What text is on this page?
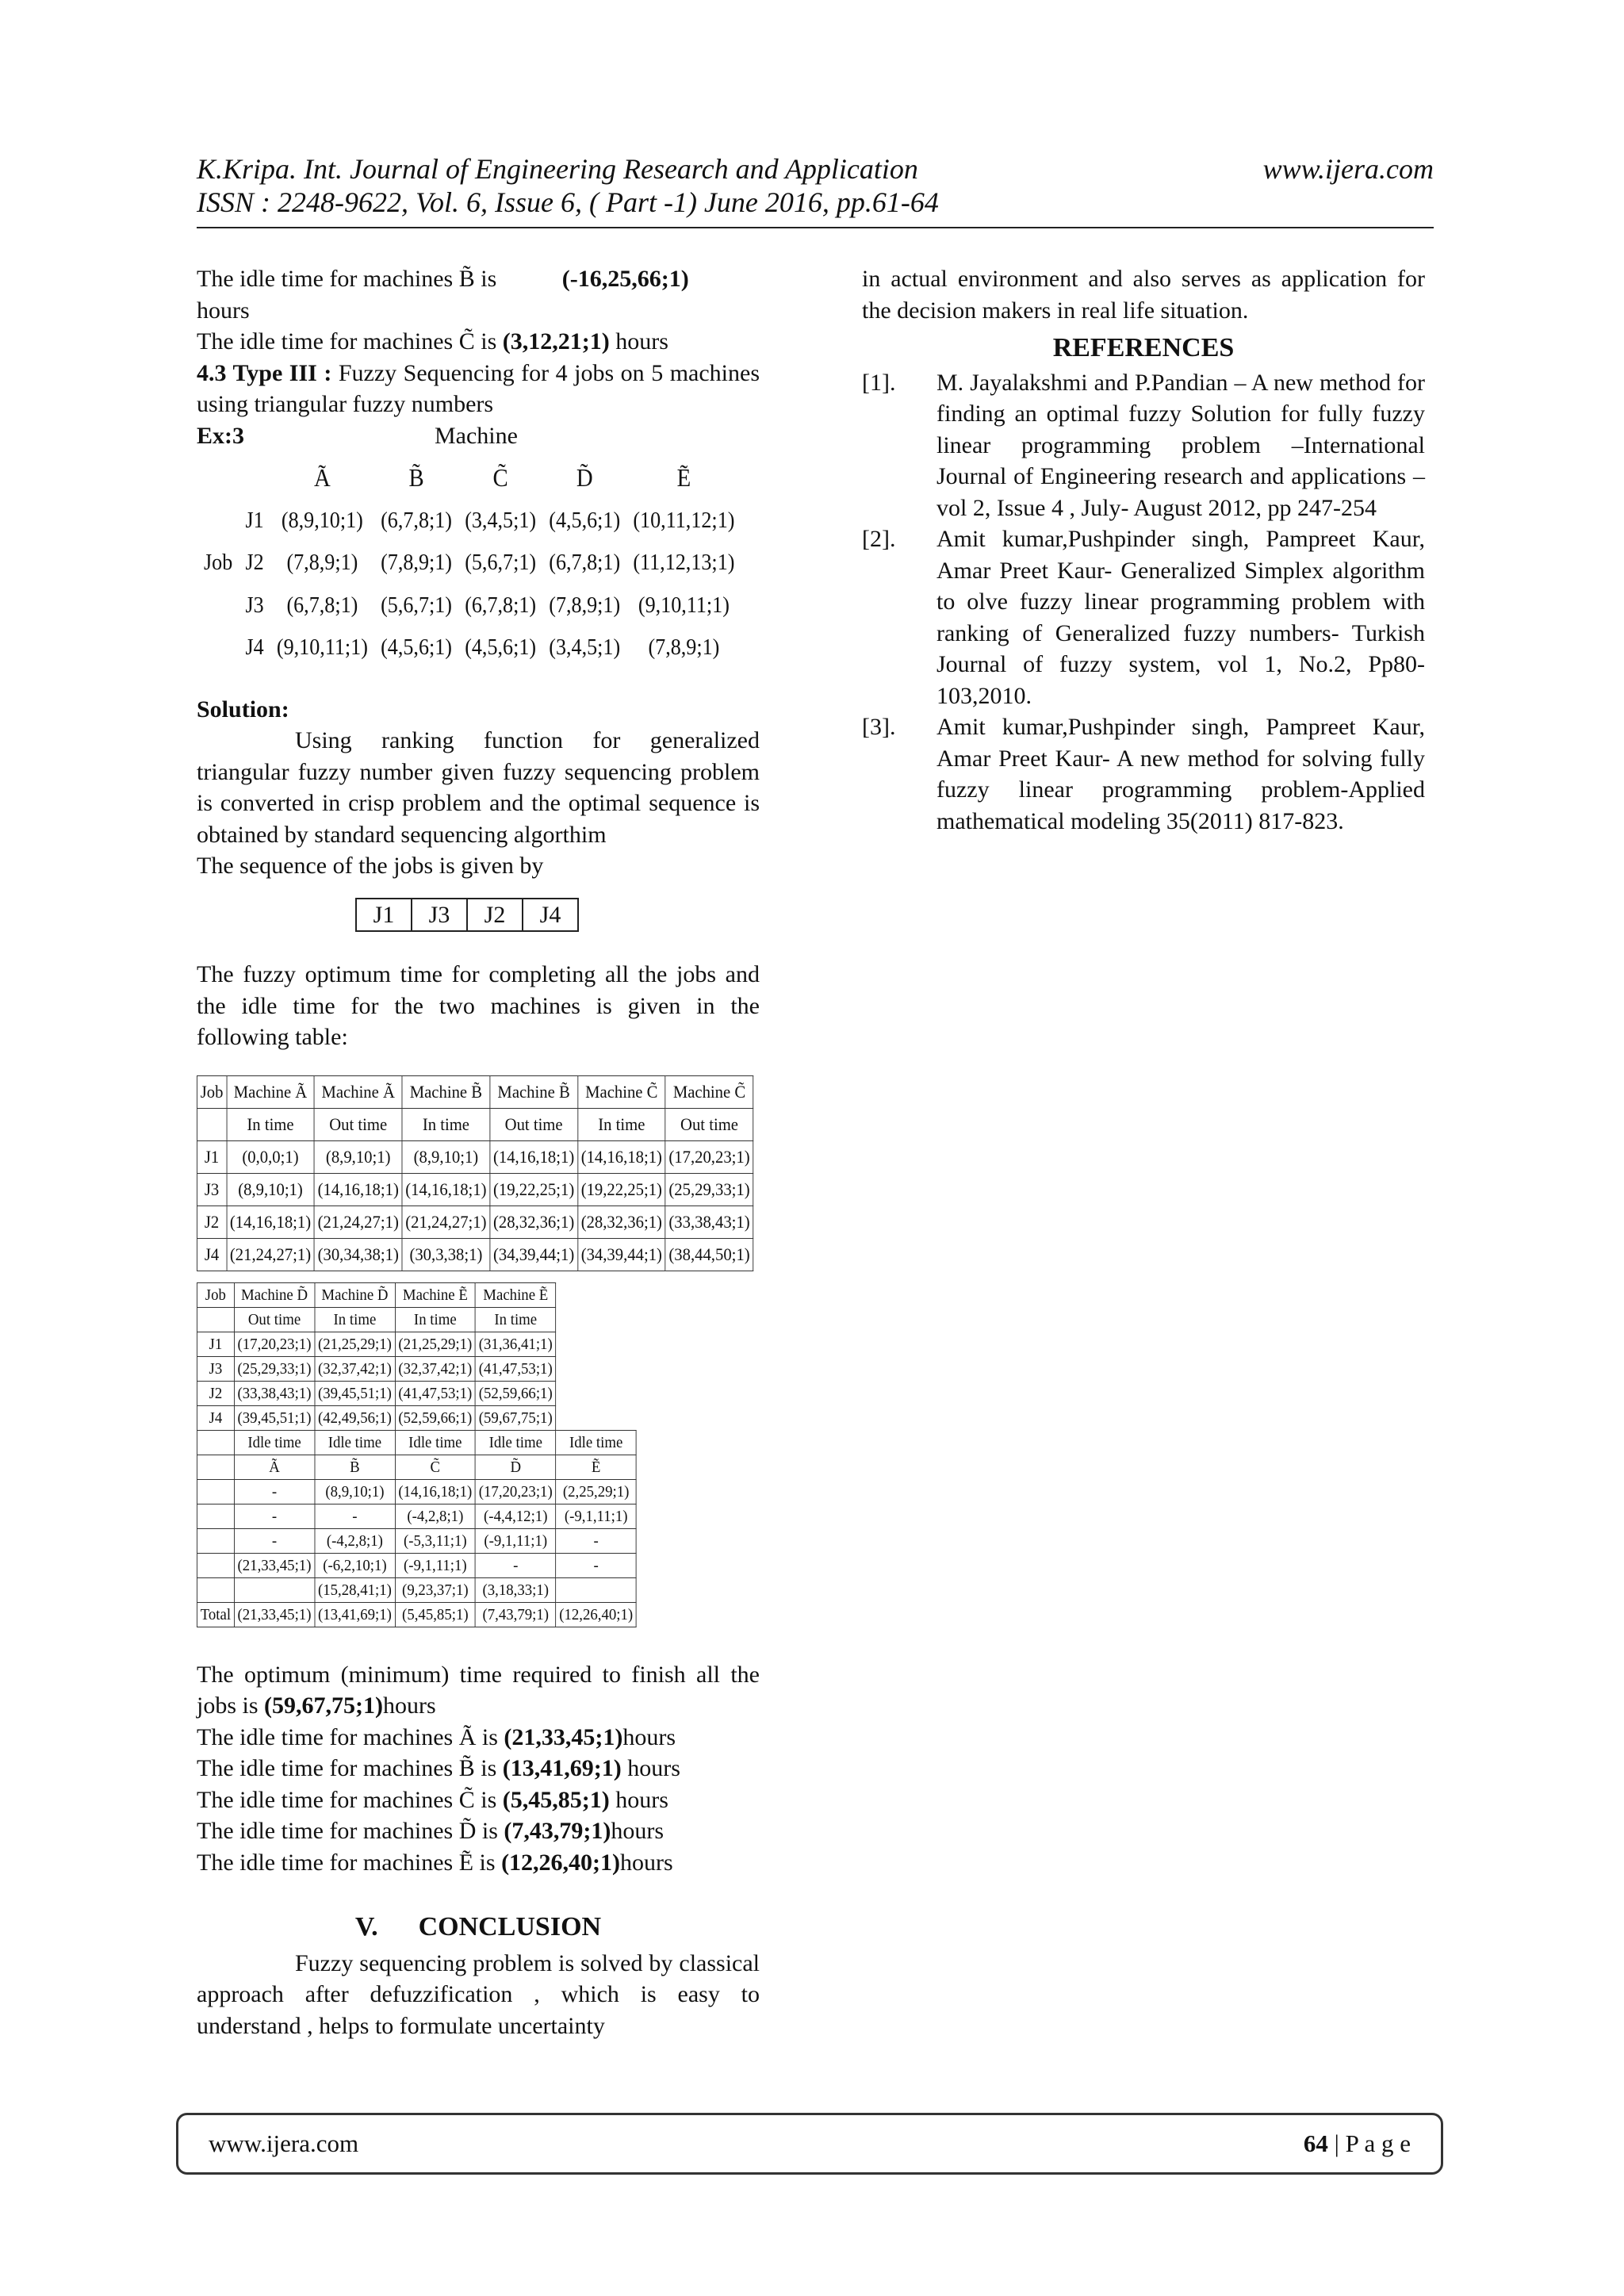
K.Kripa. Int. Journal of Engineering Research and Application	www.ijera.com
ISSN : 2248-9622, Vol. 6, Issue 6, ( Part -1) June 2016, pp.61-64

The idle time for machines B̃ is	(-16,25,66;1)
hours

The idle time for machines C̃ is (3,12,21;1) hours

4.3 Type III : Fuzzy Sequencing for 4 jobs on 5 machines using triangular fuzzy numbers

Ex:3	Machine
		Ã	B̃	C̃	D̃	Ẽ
	J1	(8,9,10;1)	(6,7,8;1)	(3,4,5;1)	(4,5,6;1)	(10,11,12;1)
Job	J2	(7,8,9;1)	(7,8,9;1)	(5,6,7;1)	(6,7,8;1)	(11,12,13;1)
	J3	(6,7,8;1)	(5,6,7;1)	(6,7,8;1)	(7,8,9;1)	(9,10,11;1)
	J4	(9,10,11;1)	(4,5,6;1)	(4,5,6;1)	(3,4,5;1)	(7,8,9;1)

Solution:

Using ranking function for generalized triangular fuzzy number given fuzzy sequencing problem is converted in crisp problem and the optimal sequence is obtained by standard sequencing algorthim

The sequence of the jobs is given by

J1	J3	J2	J4

The fuzzy optimum time for completing all the jobs and the idle time for the two machines is given in the following table:

Job	Machine Ã	Machine Ã	Machine B̃	Machine B̃	Machine C̃	Machine C̃
	In time	Out time	In time	Out time	In time	Out time
J1	(0,0,0;1)	(8,9,10;1)	(8,9,10;1)	(14,16,18;1)	(14,16,18;1)	(17,20,23;1)
J3	(8,9,10;1)	(14,16,18;1)	(14,16,18;1)	(19,22,25;1)	(19,22,25;1)	(25,29,33;1)
J2	(14,16,18;1)	(21,24,27;1)	(21,24,27;1)	(28,32,36;1)	(28,32,36;1)	(33,38,43;1)
J4	(21,24,27;1)	(30,34,38;1)	(30,3,38;1)	(34,39,44;1)	(34,39,44;1)	(38,44,50;1)
Job	Machine D̃	Machine D̃	Machine Ẽ	Machine Ẽ	
	Out time	In time	In time	In time	
J1	(17,20,23;1)	(21,25,29;1)	(21,25,29;1)	(31,36,41;1)	
J3	(25,29,33;1)	(32,37,42;1)	(32,37,42;1)	(41,47,53;1)	
J2	(33,38,43;1)	(39,45,51;1)	(41,47,53;1)	(52,59,66;1)	
J4	(39,45,51;1)	(42,49,56;1)	(52,59,66;1)	(59,67,75;1)	
	Idle time	Idle time	Idle time	Idle time	Idle time
	Ã	B̃	C̃	D̃	Ẽ
	-	(8,9,10;1)	(14,16,18;1)	(17,20,23;1)	(2,25,29;1)
	-	-	(-4,2,8;1)	(-4,4,12;1)	(-9,1,11;1)
	-	(-4,2,8;1)	(-5,3,11;1)	(-9,1,11;1)	-
	(21,33,45;1)	(-6,2,10;1)	(-9,1,11;1)	-	-
		(15,28,41;1)	(9,23,37;1)	(3,18,33;1)	
Total	(21,33,45;1)	(13,41,69;1)	(5,45,85;1)	(7,43,79;1)	(12,26,40;1)

The optimum (minimum) time required to finish all the jobs is (59,67,75;1)hours

The idle time for machines Ã is (21,33,45;1)hours

The idle time for machines B̃ is (13,41,69;1) hours

The idle time for machines C̃ is (5,45,85;1) hours

The idle time for machines D̃ is (7,43,79;1)hours

The idle time for machines Ẽ is (12,26,40;1)hours

V.      CONCLUSION

Fuzzy sequencing problem is solved by classical approach after defuzzification , which is easy to understand , helps to formulate uncertainty

in actual environment and also serves as application for the decision makers in real life situation.

REFERENCES
[1].	M. Jayalakshmi and P.Pandian – A new method for finding an optimal fuzzy Solution for fully fuzzy linear programming problem –International Journal of Engineering research and applications – vol 2, Issue 4 , July- August 2012, pp 247-254
[2].	Amit kumar,Pushpinder singh, Pampreet Kaur, Amar Preet Kaur- Generalized Simplex algorithm to olve fuzzy linear programming problem with ranking of Generalized fuzzy numbers- Turkish Journal of fuzzy system, vol 1, No.2, Pp80-103,2010.
[3].	Amit kumar,Pushpinder singh, Pampreet Kaur, Amar Preet Kaur- A new method for solving fully fuzzy linear programming problem-Applied mathematical modeling 35(2011) 817-823.
www.ijera.com	64 | P a g e
